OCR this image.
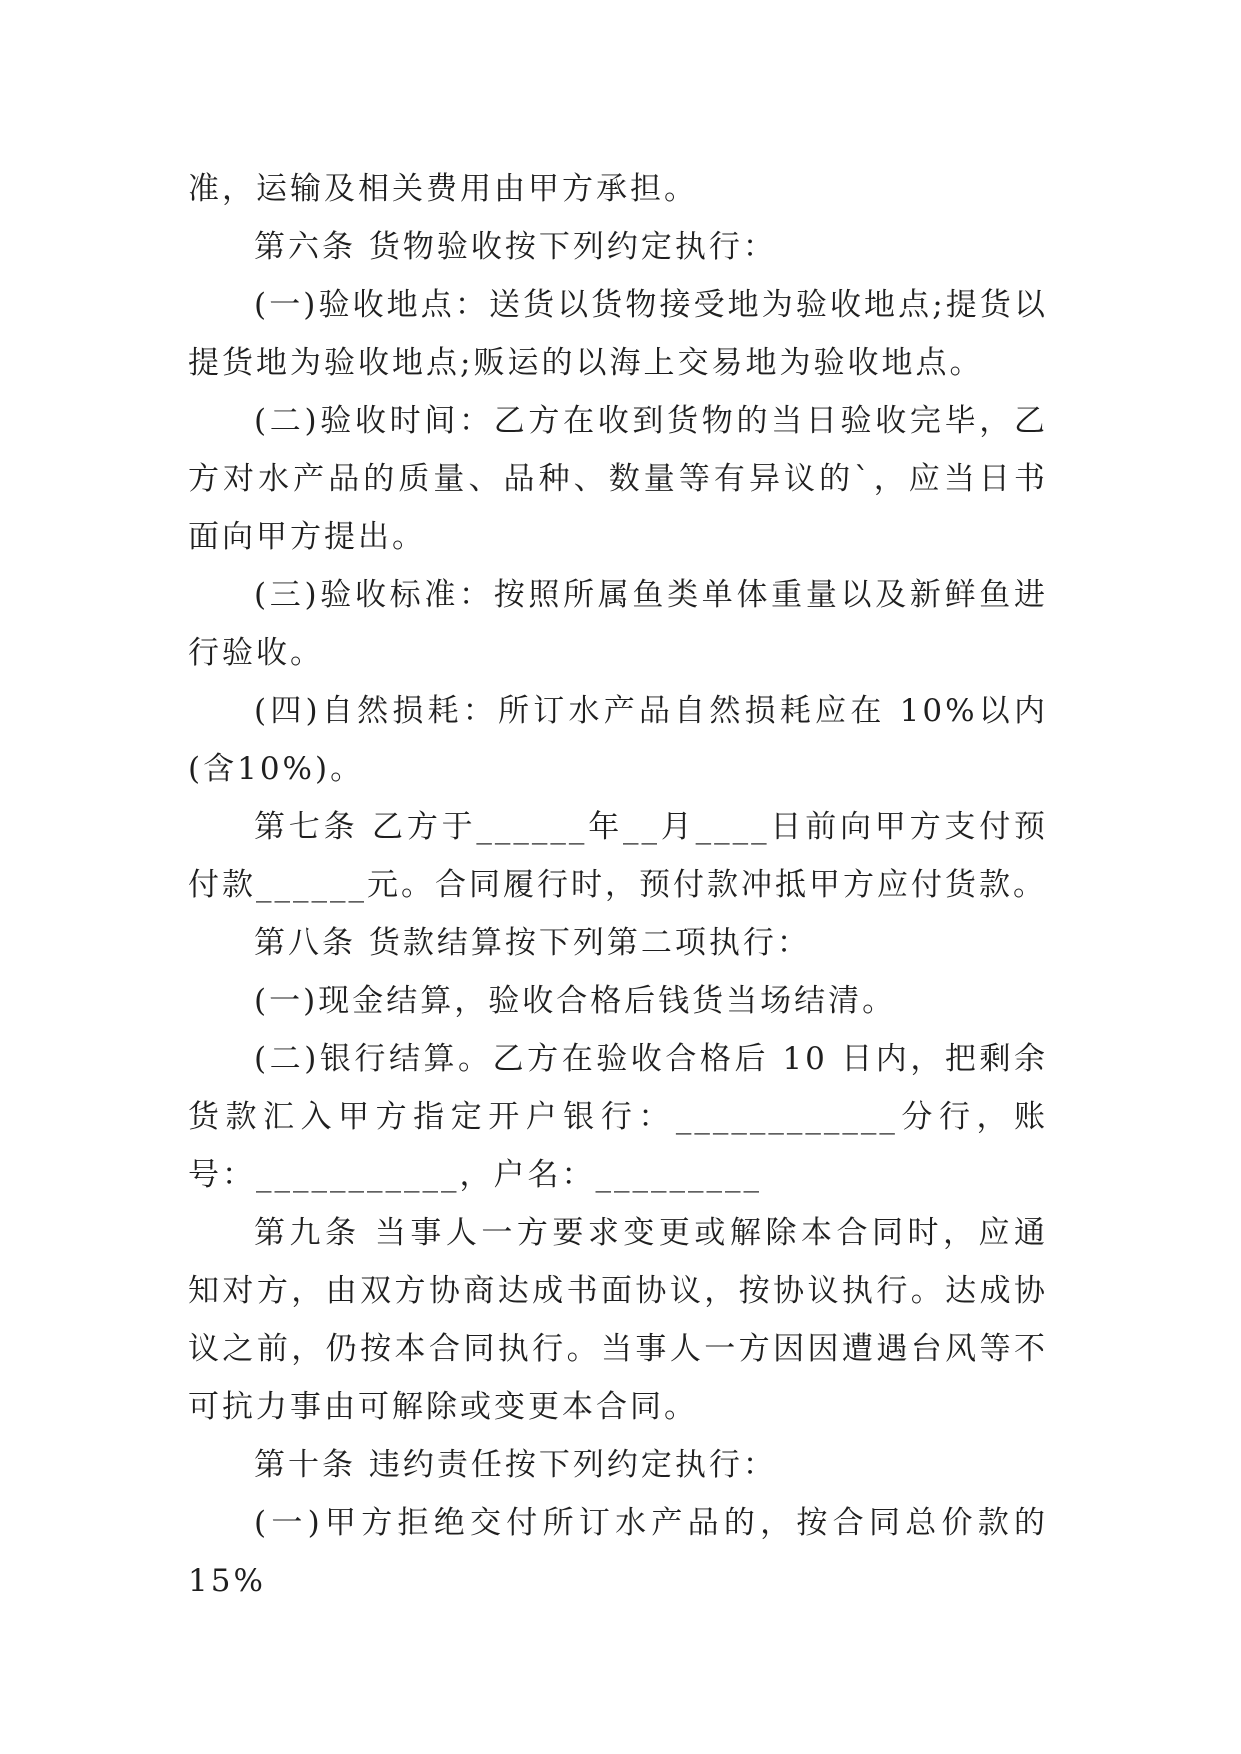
准，运输及相关费用由甲方承担。

第六条 货物验收按下列约定执行：

(一)验收地点：送货以货物接受地为验收地点;提货以提货地为验收地点;贩运的以海上交易地为验收地点。

(二)验收时间：乙方在收到货物的当日验收完毕，乙方对水产品的质量、品种、数量等有异议的`，应当日书面向甲方提出。

(三)验收标准：按照所属鱼类单体重量以及新鲜鱼进行验收。

(四)自然损耗：所订水产品自然损耗应在 10%以内(含10%)。

第七条 乙方于______年__月____日前向甲方支付预付款______元。合同履行时，预付款冲抵甲方应付货款。

第八条 货款结算按下列第二项执行：

(一)现金结算，验收合格后钱货当场结清。

(二)银行结算。乙方在验收合格后 10 日内，把剩余货款汇入甲方指定开户银行：____________分行，账号：___________，户名：_________

第九条 当事人一方要求变更或解除本合同时，应通知对方，由双方协商达成书面协议，按协议执行。达成协议之前，仍按本合同执行。当事人一方因因遭遇台风等不可抗力事由可解除或变更本合同。

第十条 违约责任按下列约定执行：

(一)甲方拒绝交付所订水产品的，按合同总价款的 15%
